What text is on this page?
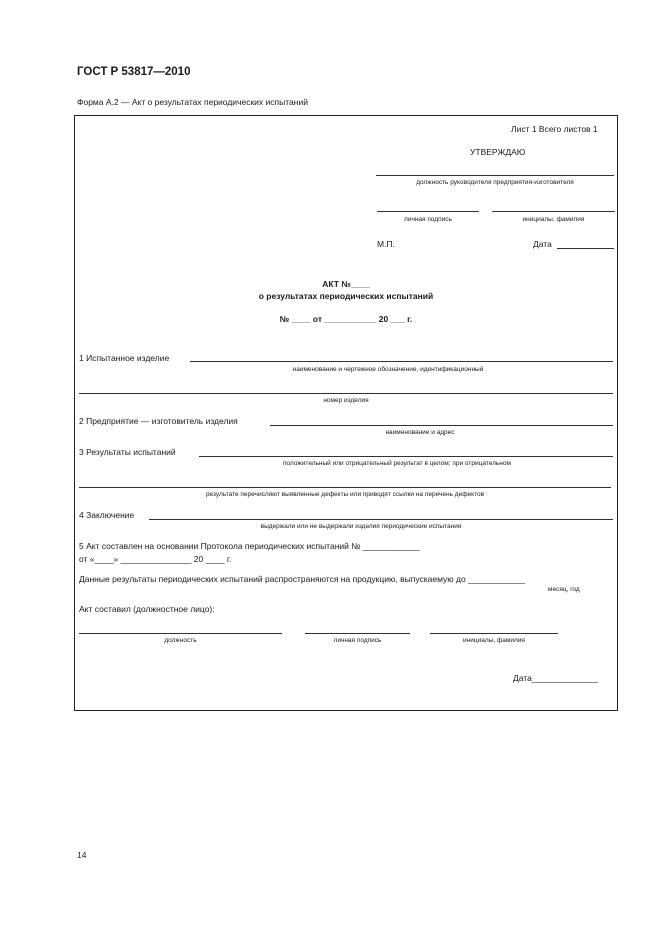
ГОСТ Р 53817—2010
Форма А.2 — Акт о результатах периодических испытаний
Лист 1 Всего листов 1
УТВЕРЖДАЮ
должность руководителя предприятия-изготовителя
личная подпись	инициалы, фамилия
М.П.	Дата
АКТ №____
о результатах периодических испытаний
№ ____ от ___________ 20 ___ г.
1 Испытанное изделие
наименование и чертежное обозначение, идентификационный
номер изделия
2 Предприятие — изготовитель изделия
наименование и адрес
3 Результаты испытаний
положительный или отрицательный результат в целом; при отрицательном
результате перечисляют выявленные дефекты или приводят ссылки на перечень дефектов
4 Заключение
выдержали или не выдержали изделия периодические испытания
5 Акт составлен на основании Протокола периодических испытаний № ____________
от «____» _______________ 20 ____ г.
Данные результаты периодических испытаний распространяются на продукцию, выпускаемую до ____________
месяц, год
Акт составил (должностное лицо):
должность	личная подпись	инициалы, фамилия
Дата______________
14
